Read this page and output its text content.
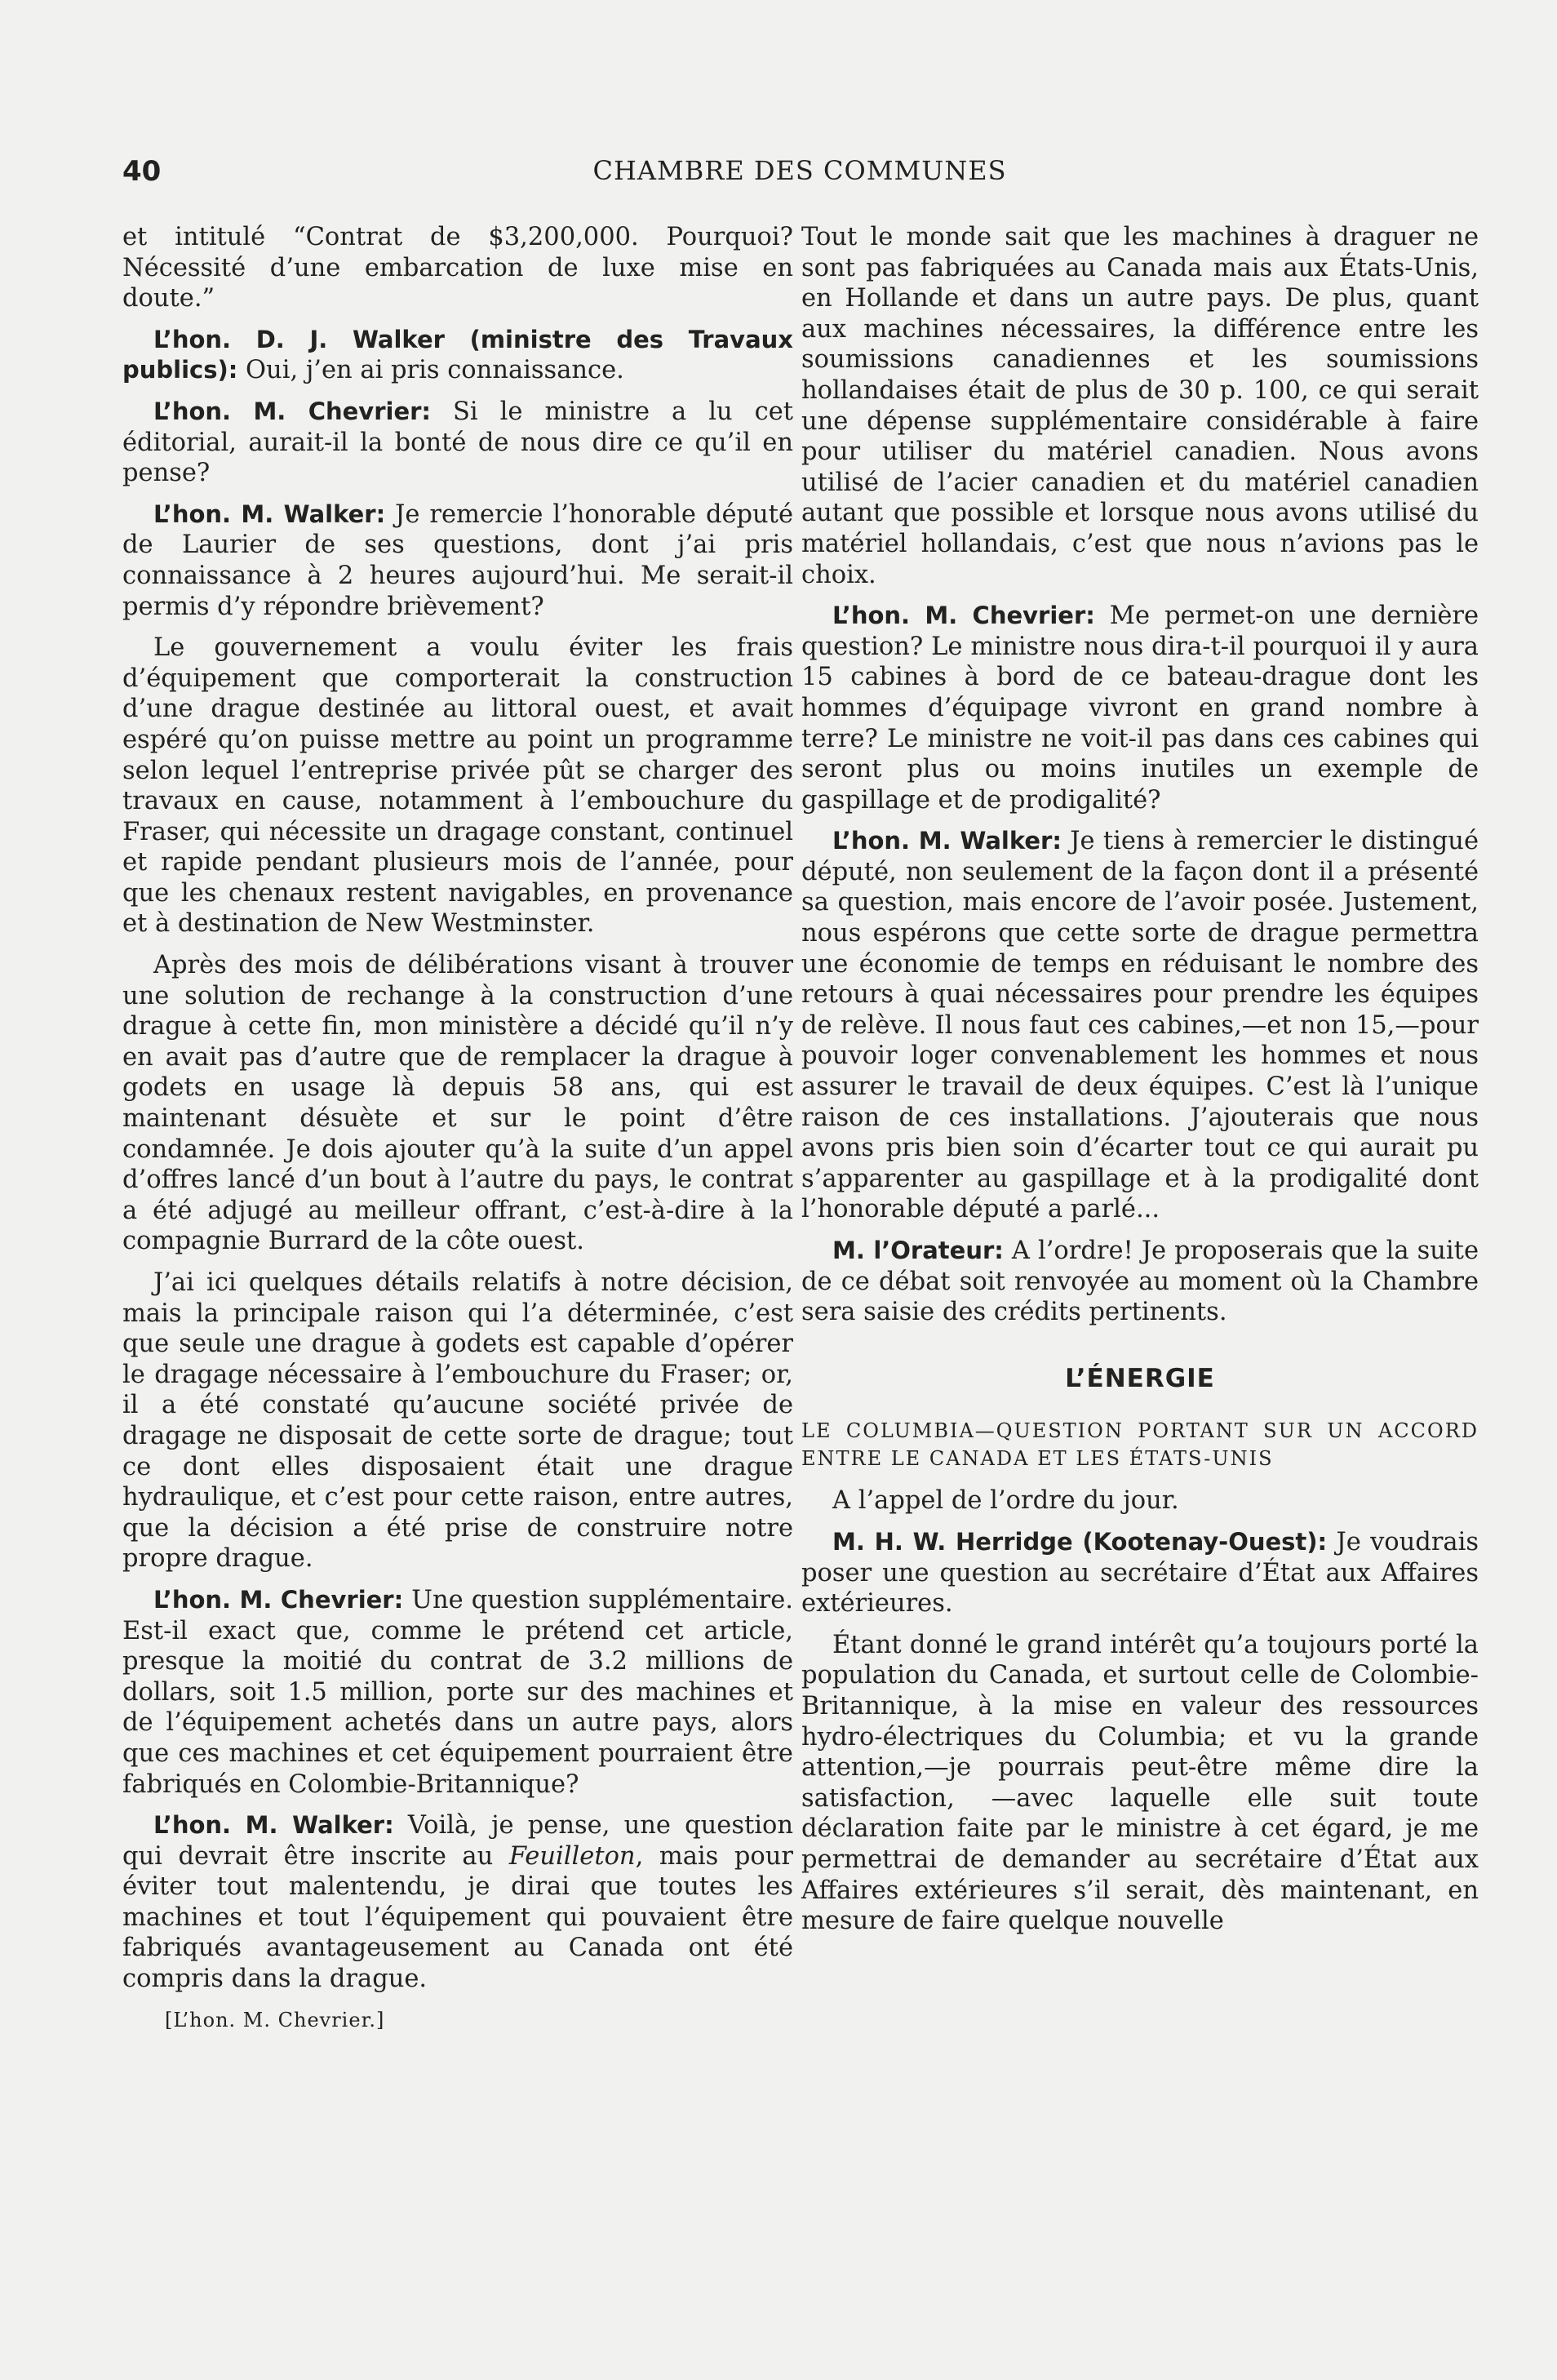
40	CHAMBRE DES COMMUNES

et intitulé “Contrat de $3,200,000. Pourquoi? Nécessité d’une embarcation de luxe mise en doute.”

L’hon. D. J. Walker (ministre des Travaux publics): Oui, j’en ai pris connaissance.

L’hon. M. Chevrier: Si le ministre a lu cet éditorial, aurait-il la bonté de nous dire ce qu’il en pense?

L’hon. M. Walker: Je remercie l’honorable député de Laurier de ses questions, dont j’ai pris connaissance à 2 heures aujourd’hui. Me serait-il permis d’y répondre brièvement?

Le gouvernement a voulu éviter les frais d’équipement que comporterait la construction d’une drague destinée au littoral ouest, et avait espéré qu’on puisse mettre au point un programme selon lequel l’entreprise privée pût se charger des travaux en cause, notamment à l’embouchure du Fraser, qui nécessite un dragage constant, continuel et rapide pendant plusieurs mois de l’année, pour que les chenaux restent navigables, en provenance et à destination de New Westminster.

Après des mois de délibérations visant à trouver une solution de rechange à la construction d’une drague à cette fin, mon ministère a décidé qu’il n’y en avait pas d’autre que de remplacer la drague à godets en usage là depuis 58 ans, qui est maintenant désuète et sur le point d’être condamnée. Je dois ajouter qu’à la suite d’un appel d’offres lancé d’un bout à l’autre du pays, le contrat a été adjugé au meilleur offrant, c’est-à-dire à la compagnie Burrard de la côte ouest.

J’ai ici quelques détails relatifs à notre décision, mais la principale raison qui l’a déterminée, c’est que seule une drague à godets est capable d’opérer le dragage nécessaire à l’embouchure du Fraser; or, il a été constaté qu’aucune société privée de dragage ne disposait de cette sorte de drague; tout ce dont elles disposaient était une drague hydraulique, et c’est pour cette raison, entre autres, que la décision a été prise de construire notre propre drague.

L’hon. M. Chevrier: Une question supplémentaire. Est-il exact que, comme le prétend cet article, presque la moitié du contrat de 3.2 millions de dollars, soit 1.5 million, porte sur des machines et de l’équipement achetés dans un autre pays, alors que ces machines et cet équipement pourraient être fabriqués en Colombie-Britannique?

L’hon. M. Walker: Voilà, je pense, une question qui devrait être inscrite au Feuilleton, mais pour éviter tout malentendu, je dirai que toutes les machines et tout l’équipement qui pouvaient être fabriqués avantageusement au Canada ont été compris dans la drague.

[L’hon. M. Chevrier.]

Tout le monde sait que les machines à draguer ne sont pas fabriquées au Canada mais aux États-Unis, en Hollande et dans un autre pays. De plus, quant aux machines nécessaires, la différence entre les soumissions canadiennes et les soumissions hollandaises était de plus de 30 p. 100, ce qui serait une dépense supplémentaire considérable à faire pour utiliser du matériel canadien. Nous avons utilisé de l’acier canadien et du matériel canadien autant que possible et lorsque nous avons utilisé du matériel hollandais, c’est que nous n’avions pas le choix.

L’hon. M. Chevrier: Me permet-on une dernière question? Le ministre nous dira-t-il pourquoi il y aura 15 cabines à bord de ce bateau-drague dont les hommes d’équipage vivront en grand nombre à terre? Le ministre ne voit-il pas dans ces cabines qui seront plus ou moins inutiles un exemple de gaspillage et de prodigalité?

L’hon. M. Walker: Je tiens à remercier le distingué député, non seulement de la façon dont il a présenté sa question, mais encore de l’avoir posée. Justement, nous espérons que cette sorte de drague permettra une économie de temps en réduisant le nombre des retours à quai nécessaires pour prendre les équipes de relève. Il nous faut ces cabines,—et non 15,—pour pouvoir loger convenablement les hommes et nous assurer le travail de deux équipes. C’est là l’unique raison de ces installations. J’ajouterais que nous avons pris bien soin d’écarter tout ce qui aurait pu s’apparenter au gaspillage et à la prodigalité dont l’honorable député a parlé...

M. l’Orateur: A l’ordre! Je proposerais que la suite de ce débat soit renvoyée au moment où la Chambre sera saisie des crédits pertinents.

L’ÉNERGIE
LE COLUMBIA—QUESTION PORTANT SUR UN ACCORD ENTRE LE CANADA ET LES ÉTATS-UNIS

A l’appel de l’ordre du jour.

M. H. W. Herridge (Kootenay-Ouest): Je voudrais poser une question au secrétaire d’État aux Affaires extérieures.

Étant donné le grand intérêt qu’a toujours porté la population du Canada, et surtout celle de Colombie-Britannique, à la mise en valeur des ressources hydro-électriques du Columbia; et vu la grande attention,—je pourrais peut-être même dire la satisfaction, —avec laquelle elle suit toute déclaration faite par le ministre à cet égard, je me permettrai de demander au secrétaire d’État aux Affaires extérieures s’il serait, dès maintenant, en mesure de faire quelque nouvelle
